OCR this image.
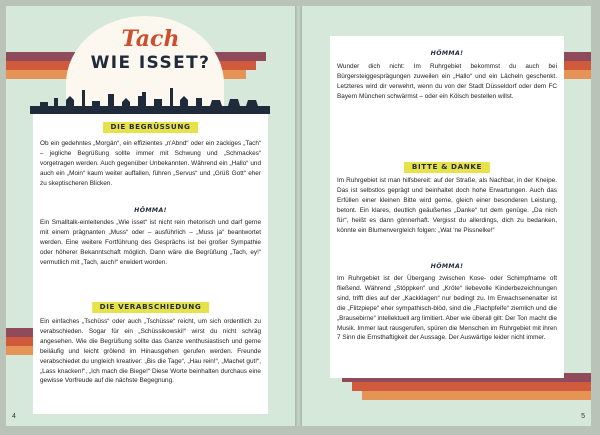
Tach
WIE ISSET?
DIE BEGRÜSSUNG
Ob ein gedehntes „Morgän“, ein effizientes „n'Abnd“ oder ein zackiges „Tach“ – jegliche Begrüßung sollte immer mit Schwung und „Schmackes“ vorgetragen werden. Auch gegenüber Unbekannten. Während ein „Hallo“ und auch ein „Moin“ kaum weiter auffallen, führen „Servus“ und „Grüß Gott“ eher zu skeptischeren Blicken.
HÖMMA!
Ein Smalltalk-einleitendes „Wie isset“ ist nicht rein rhetorisch und darf gerne mit einem prägnanten „Muss“ oder – ausführlich – „Muss ja“ beantwortet werden. Eine weitere Fortführung des Gesprächs ist bei großer Sympathie oder höherer Bekanntschaft möglich. Dann wäre die Begrüßung „Tach, ey!“ vermutlich mit „Tach, auch!“ erwidert worden.
DIE VERABSCHIEDUNG
Ein einfaches „Tschüss“ oder auch „Tschüsse“ reicht, um sich ordentlich zu verabschieden. Sogar für ein „Schüssikowski!“ wirst du nicht schräg angesehen. Wie die Begrüßung sollte das Ganze venthusiastisch und gerne beiläufig und leicht grölend im Hinausgehen gerufen werden. Freunde verabschiedet du ungleich kreativer: „Bis die Tage“, „Hau rein!“, „Machet gut!“, „Lass knacken!“, „Ich mach die Biege!“ Diese Worte beinhalten durchaus eine gewisse Vorfreude auf die nächste Begegnung.
4
HÖMMA!
Wunder dich nicht: Im Ruhrgebiet bekommst du auch bei Bürgersteiggesprägungen zuweilen ein „Hallo“ und ein Lächeln geschenkt. Letzteres wird dir verwehrt, wenn du von der Stadt Düsseldorf oder dem FC Bayern München schwärmst – oder ein Kölsch bestellen willst.
BITTE & DANKE
Im Ruhrgebiet ist man hilfsbereit: auf der Straße, als Nachbar, in der Kneipe. Das ist selbstlos geprägt und beinhaltet doch hohe Erwartungen. Auch das Erfüllen einer kleinen Bitte wird gerne, gleich einer besonderen Leistung, betont. Ein klares, deutlich geäußertes „Danke“ tut dem genüge. „Da nich für“, heißt es dann gönnerhaft. Vergisst du allerdings, dich zu bedanken, könnte ein Blumenvergleich folgen: „Wat 'ne Pissnelke!“
HÖMMA!
Im Ruhrgebiet ist der Übergang zwischen Kose- oder Schimpfname oft fließend. Während „Stöppken“ und „Kröte“ liebevolle Kinderbezeichnungen sind, trifft dies auf der „Kackklagen“ nur bedingt zu. Im Erwachsenenalter ist die „Flitzpiepe“ eher sympathisch-blöd, sind die „Flachpfeife“ ziemlich und die „Brausebirne“ intellektuell arg limitiert. Aber wie überall gilt: Der Ton macht die Musik. Immer laut rausgerufen, spüren die Menschen im Ruhrgebiet mit ihren 7 Sinn die Ernsthaftigkeit der Aussage. Der Auswärtige leider nicht immer.
5
